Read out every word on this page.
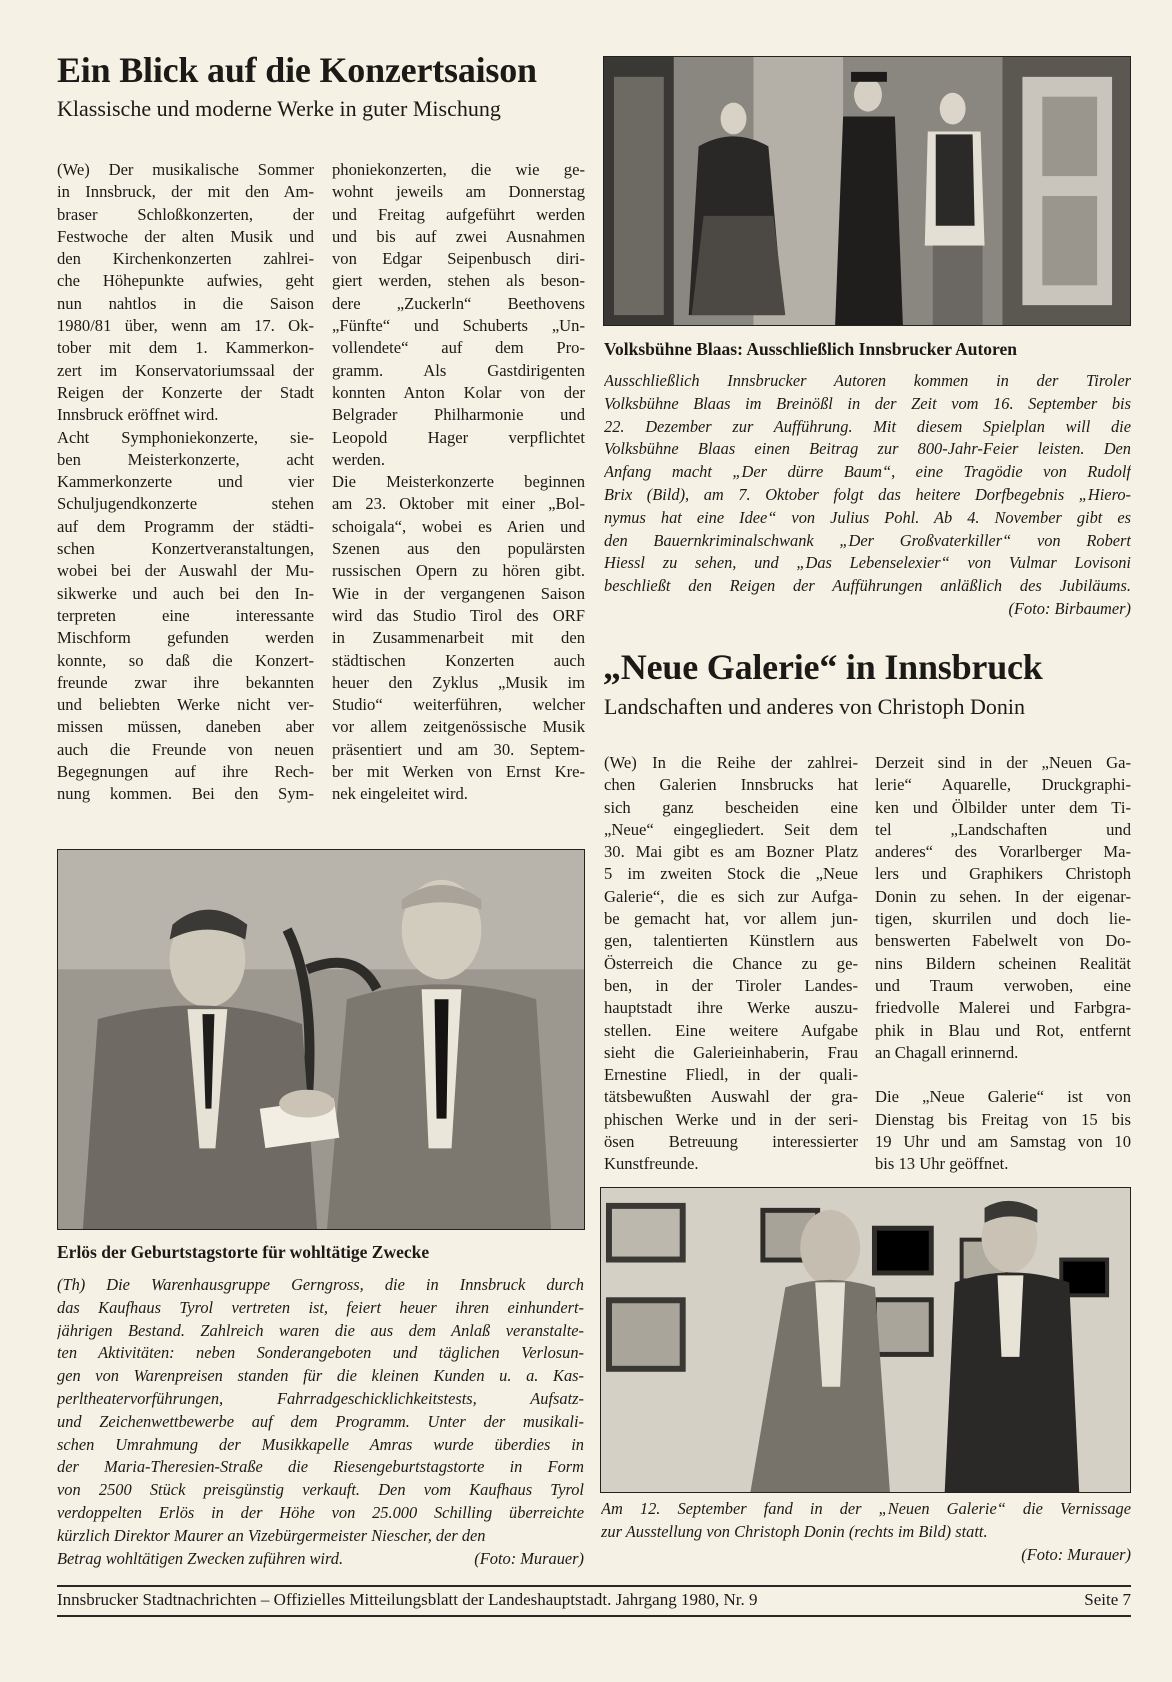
Ein Blick auf die Konzertsaison
Klassische und moderne Werke in guter Mischung
(We) Der musikalische Sommer
in Innsbruck, der mit den Am-
braser Schloßkonzerten, der
Festwoche der alten Musik und
den Kirchenkonzerten zahlrei-
che Höhepunkte aufwies, geht
nun nahtlos in die Saison
1980/81 über, wenn am 17. Ok-
tober mit dem 1. Kammerkon-
zert im Konservatoriumssaal der
Reigen der Konzerte der Stadt
Innsbruck eröffnet wird.
Acht Symphoniekonzerte, sie-
ben Meisterkonzerte, acht
Kammerkonzerte und vier
Schuljugendkonzerte stehen
auf dem Programm der städti-
schen Konzertveranstaltungen,
wobei bei der Auswahl der Mu-
sikwerke und auch bei den In-
terpreten eine interessante
Mischform gefunden werden
konnte, so daß die Konzert-
freunde zwar ihre bekannten
und beliebten Werke nicht ver-
missen müssen, daneben aber
auch die Freunde von neuen
Begegnungen auf ihre Rech-
nung kommen. Bei den Sym-
phoniekonzerten, die wie ge-
wohnt jeweils am Donnerstag
und Freitag aufgeführt werden
und bis auf zwei Ausnahmen
von Edgar Seipenbusch diri-
giert werden, stehen als beson-
dere „Zuckerln“ Beethovens
„Fünfte“ und Schuberts „Un-
vollendete“ auf dem Pro-
gramm. Als Gastdirigenten
konnten Anton Kolar von der
Belgrader Philharmonie und
Leopold Hager verpflichtet
werden.
Die Meisterkonzerte beginnen
am 23. Oktober mit einer „Bol-
schoigala“, wobei es Arien und
Szenen aus den populärsten
russischen Opern zu hören gibt.
Wie in der vergangenen Saison
wird das Studio Tirol des ORF
in Zusammenarbeit mit den
städtischen Konzerten auch
heuer den Zyklus „Musik im
Studio“ weiterführen, welcher
vor allem zeitgenössische Musik
präsentiert und am 30. Septem-
ber mit Werken von Ernst Kre-
nek eingeleitet wird.
Volksbühne Blaas: Ausschließlich Innsbrucker Autoren
Ausschließlich Innsbrucker Autoren kommen in der Tiroler
Volksbühne Blaas im Breinößl in der Zeit vom 16. September bis
22. Dezember zur Aufführung. Mit diesem Spielplan will die
Volksbühne Blaas einen Beitrag zur 800-Jahr-Feier leisten. Den
Anfang macht „Der dürre Baum“, eine Tragödie von Rudolf
Brix (Bild), am 7. Oktober folgt das heitere Dorfbegebnis „Hiero-
nymus hat eine Idee“ von Julius Pohl. Ab 4. November gibt es
den Bauernkriminalschwank „Der Großvaterkiller“ von Robert
Hiessl zu sehen, und „Das Lebenselexier“ von Vulmar Lovisoni
beschließt den Reigen der Aufführungen anläßlich des Jubiläums.
(Foto: Birbaumer)
„Neue Galerie“ in Innsbruck
Landschaften und anderes von Christoph Donin
(We) In die Reihe der zahlrei-
chen Galerien Innsbrucks hat
sich ganz bescheiden eine
„Neue“ eingegliedert. Seit dem
30. Mai gibt es am Bozner Platz
5 im zweiten Stock die „Neue
Galerie“, die es sich zur Aufga-
be gemacht hat, vor allem jun-
gen, talentierten Künstlern aus
Österreich die Chance zu ge-
ben, in der Tiroler Landes-
hauptstadt ihre Werke auszu-
stellen. Eine weitere Aufgabe
sieht die Galerieinhaberin, Frau
Ernestine Fliedl, in der quali-
tätsbewußten Auswahl der gra-
phischen Werke und in der seri-
ösen Betreuung interessierter
Kunstfreunde.
Derzeit sind in der „Neuen Ga-
lerie“ Aquarelle, Druckgraphi-
ken und Ölbilder unter dem Ti-
tel „Landschaften und
anderes“ des Vorarlberger Ma-
lers und Graphikers Christoph
Donin zu sehen. In der eigenar-
tigen, skurrilen und doch lie-
benswerten Fabelwelt von Do-
nins Bildern scheinen Realität
und Traum verwoben, eine
friedvolle Malerei und Farbgra-
phik in Blau und Rot, entfernt
an Chagall erinnernd.
Die „Neue Galerie“ ist von
Dienstag bis Freitag von 15 bis
19 Uhr und am Samstag von 10
bis 13 Uhr geöffnet.
Erlös der Geburtstagstorte für wohltätige Zwecke
(Th) Die Warenhausgruppe Gerngross, die in Innsbruck durch
das Kaufhaus Tyrol vertreten ist, feiert heuer ihren einhundert-
jährigen Bestand. Zahlreich waren die aus dem Anlaß veranstalte-
ten Aktivitäten: neben Sonderangeboten und täglichen Verlosun-
gen von Warenpreisen standen für die kleinen Kunden u. a. Kas-
perltheatervorführungen, Fahrradgeschicklichkeitstests, Aufsatz-
und Zeichenwettbewerbe auf dem Programm. Unter der musikali-
schen Umrahmung der Musikkapelle Amras wurde überdies in
der Maria-Theresien-Straße die Riesengeburtstagstorte in Form
von 2500 Stück preisgünstig verkauft. Den vom Kaufhaus Tyrol
verdoppelten Erlös in der Höhe von 25.000 Schilling überreichte
kürzlich Direktor Maurer an Vizebürgermeister Niescher, der den
Betrag wohltätigen Zwecken zuführen wird.	(Foto: Murauer)
Am 12. September fand in der „Neuen Galerie“ die Vernissage
zur Ausstellung von Christoph Donin (rechts im Bild) statt.
(Foto: Murauer)
Innsbrucker Stadtnachrichten – Offizielles Mitteilungsblatt der Landeshauptstadt. Jahrgang 1980, Nr. 9	Seite 7
